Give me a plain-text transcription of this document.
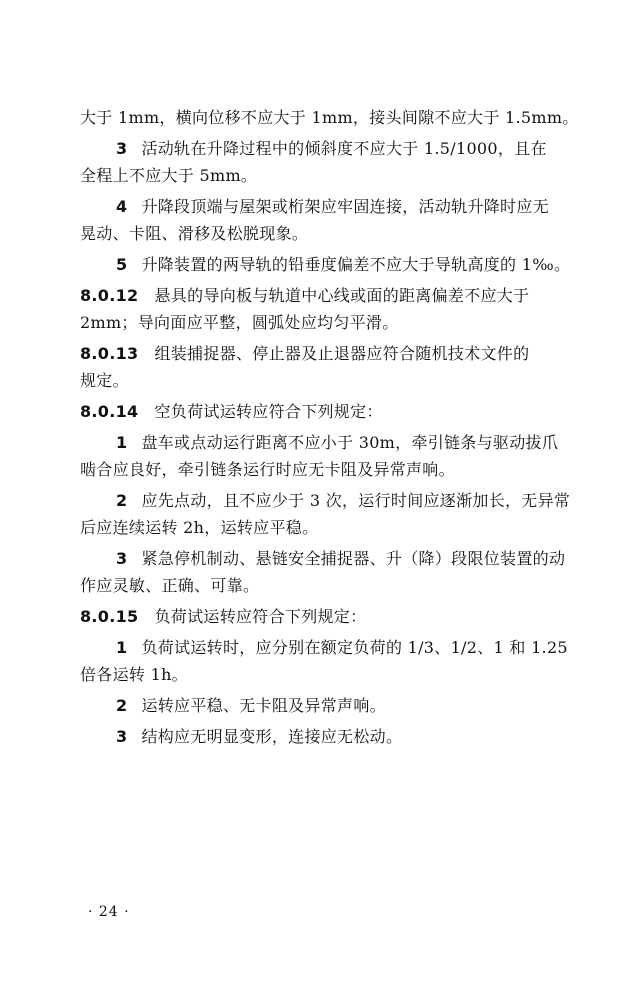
大于 1mm，横向位移不应大于 1mm，接头间隙不应大于 1.5mm。
3 活动轨在升降过程中的倾斜度不应大于 1.5/1000，且在
全程上不应大于 5mm。
4 升降段顶端与屋架或桁架应牢固连接，活动轨升降时应无
晃动、卡阻、滑移及松脱现象。
5 升降装置的两导轨的铅垂度偏差不应大于导轨高度的 1‰。
8.0.12 悬具的导向板与轨道中心线或面的距离偏差不应大于
2mm；导向面应平整，圆弧处应均匀平滑。
8.0.13 组装捕捉器、停止器及止退器应符合随机技术文件的
规定。
8.0.14 空负荷试运转应符合下列规定：
1 盘车或点动运行距离不应小于 30m，牵引链条与驱动拔爪
啮合应良好，牵引链条运行时应无卡阻及异常声响。
2 应先点动，且不应少于 3 次，运行时间应逐渐加长，无异常
后应连续运转 2h，运转应平稳。
3 紧急停机制动、悬链安全捕捉器、升（降）段限位装置的动
作应灵敏、正确、可靠。
8.0.15 负荷试运转应符合下列规定：
1 负荷试运转时，应分别在额定负荷的 1/3、1/2、1 和 1.25
倍各运转 1h。
2 运转应平稳、无卡阻及异常声响。
3 结构应无明显变形，连接应无松动。
· 24 ·
